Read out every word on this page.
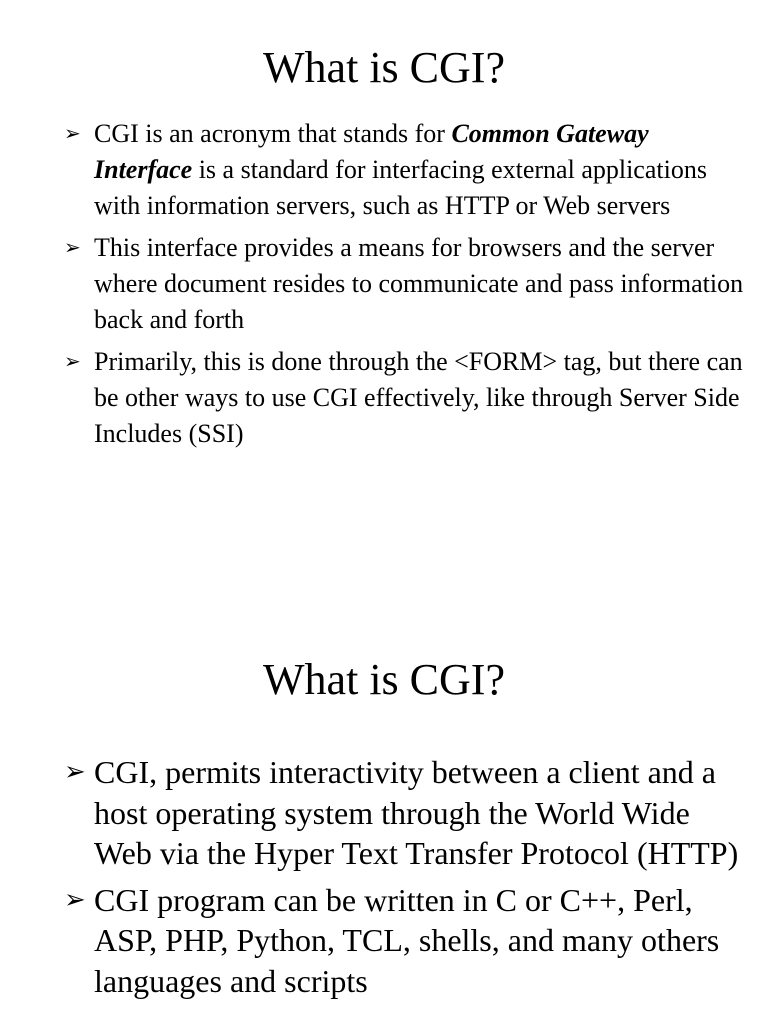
What is CGI?
➢ CGI is an acronym that stands for Common Gateway Interface is a standard for interfacing external applications with information servers, such as HTTP or Web servers
➢ This interface provides a means for browsers and the server where document resides to communicate and pass information back and forth
➢ Primarily, this is done through the <FORM> tag, but there can be other ways to use CGI effectively, like through Server Side Includes (SSI)
What is CGI?
➢ CGI, permits interactivity between a client and a host operating system through the World Wide Web via the Hyper Text Transfer Protocol (HTTP)
➢ CGI program can be written in C or C++, Perl, ASP, PHP, Python, TCL, shells, and many others languages and scripts
